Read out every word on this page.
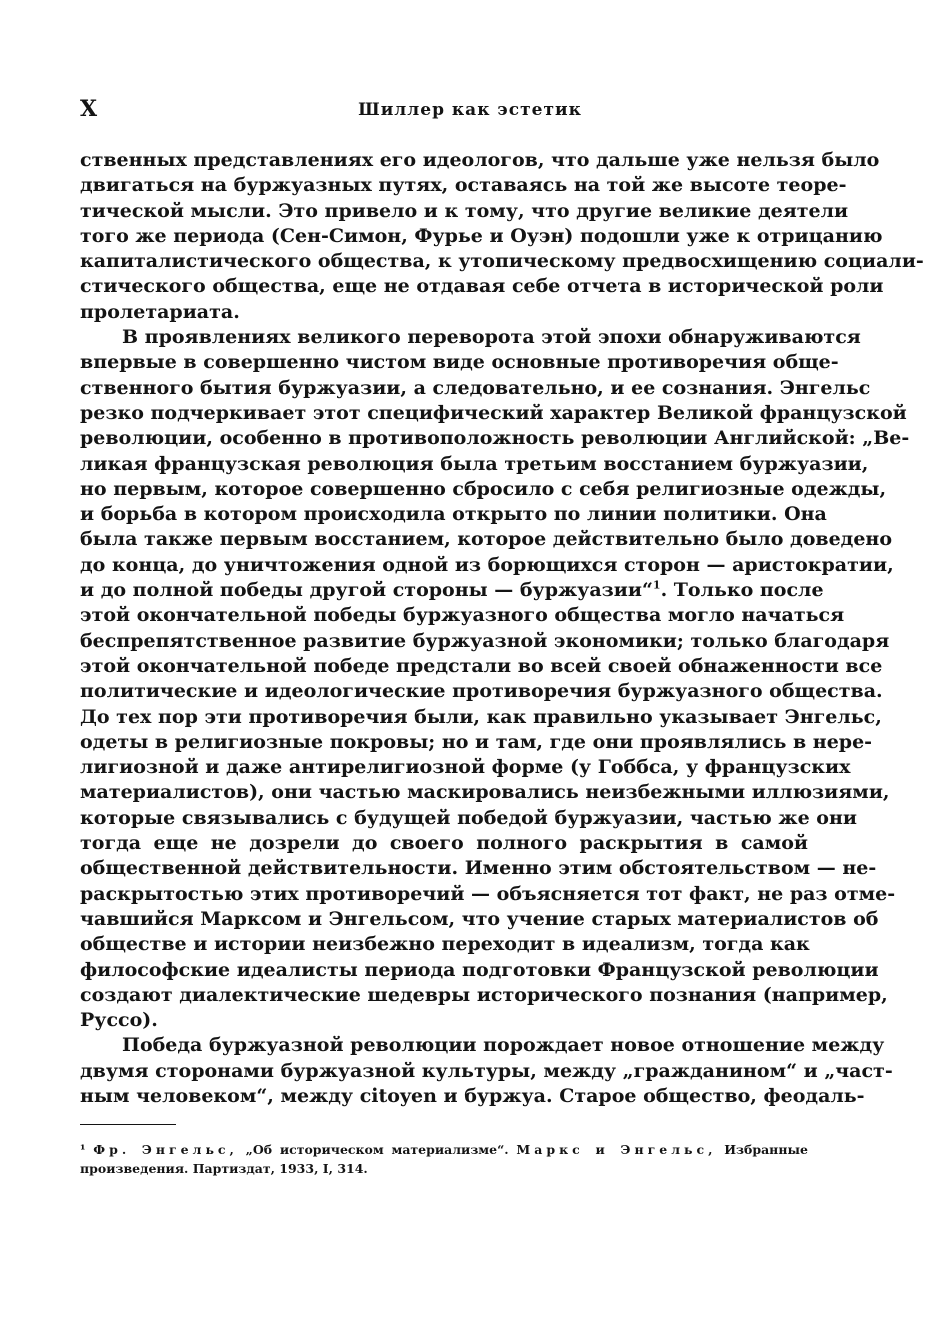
X	Шиллер как эстетик

ственных представлениях его идеологов, что дальше уже нельзя было
двигаться на буржуазных путях, оставаясь на той же высоте теоре-
тической мысли. Это привело и к тому, что другие великие деятели
того же периода (Сен-Симон, Фурье и Оуэн) подошли уже к отрицанию
капиталистического общества, к утопическому предвосхищению социали-
стического общества, еще не отдавая себе отчета в исторической роли
пролетариата.

В проявлениях великого переворота этой эпохи обнаруживаются
впервые в совершенно чистом виде основные противоречия обще-
ственного бытия буржуазии, а следовательно, и ее сознания. Энгельс
резко подчеркивает этот специфический характер Великой французской
революции, особенно в противоположность революции Английской: „Ве-
ликая французская революция была третьим восстанием буржуазии,
но первым, которое совершенно сбросило с себя религиозные одежды,
и борьба в котором происходила открыто по линии политики. Она
была также первым восстанием, которое действительно было доведено
до конца, до уничтожения одной из борющихся сторон — аристократии,
и до полной победы другой стороны — буржуазии“$^1$. Только после
этой окончательной победы буржуазного общества могло начаться
беспрепятственное развитие буржуазной экономики; только благодаря
этой окончательной победе предстали во всей своей обнаженности все
политические и идеологические противоречия буржуазного общества.
До тех пор эти противоречия были, как правильно указывает Энгельс,
одеты в религиозные покровы; но и там, где они проявлялись в нере-
лигиозной и даже антирелигиозной форме (у Гоббса, у французских
материалистов), они частью маскировались неизбежными иллюзиями,
которые связывались с будущей победой буржуазии, частью же они
тогда еще не дозрели до своего полного раскрытия в самой
общественной действительности. Именно этим обстоятельством — не-
раскрытостью этих противоречий — объясняется тот факт, не раз отме-
чавшийся Марксом и Энгельсом, что учение старых материалистов об
обществе и истории неизбежно переходит в идеализм, тогда как
философские идеалисты периода подготовки Французской революции
создают диалектические шедевры исторического познания (например,
Руссо).

Победа буржуазной революции порождает новое отношение между
двумя сторонами буржуазной культуры, между „гражданином“ и „част-
ным человеком“, между citoyen и буржуа. Старое общество, феодаль-

¹ Фр. Энгельс, „Об историческом материализме“. Маркс и Энгельс, Избранные
произведения. Партиздат, 1933, I, 314.
